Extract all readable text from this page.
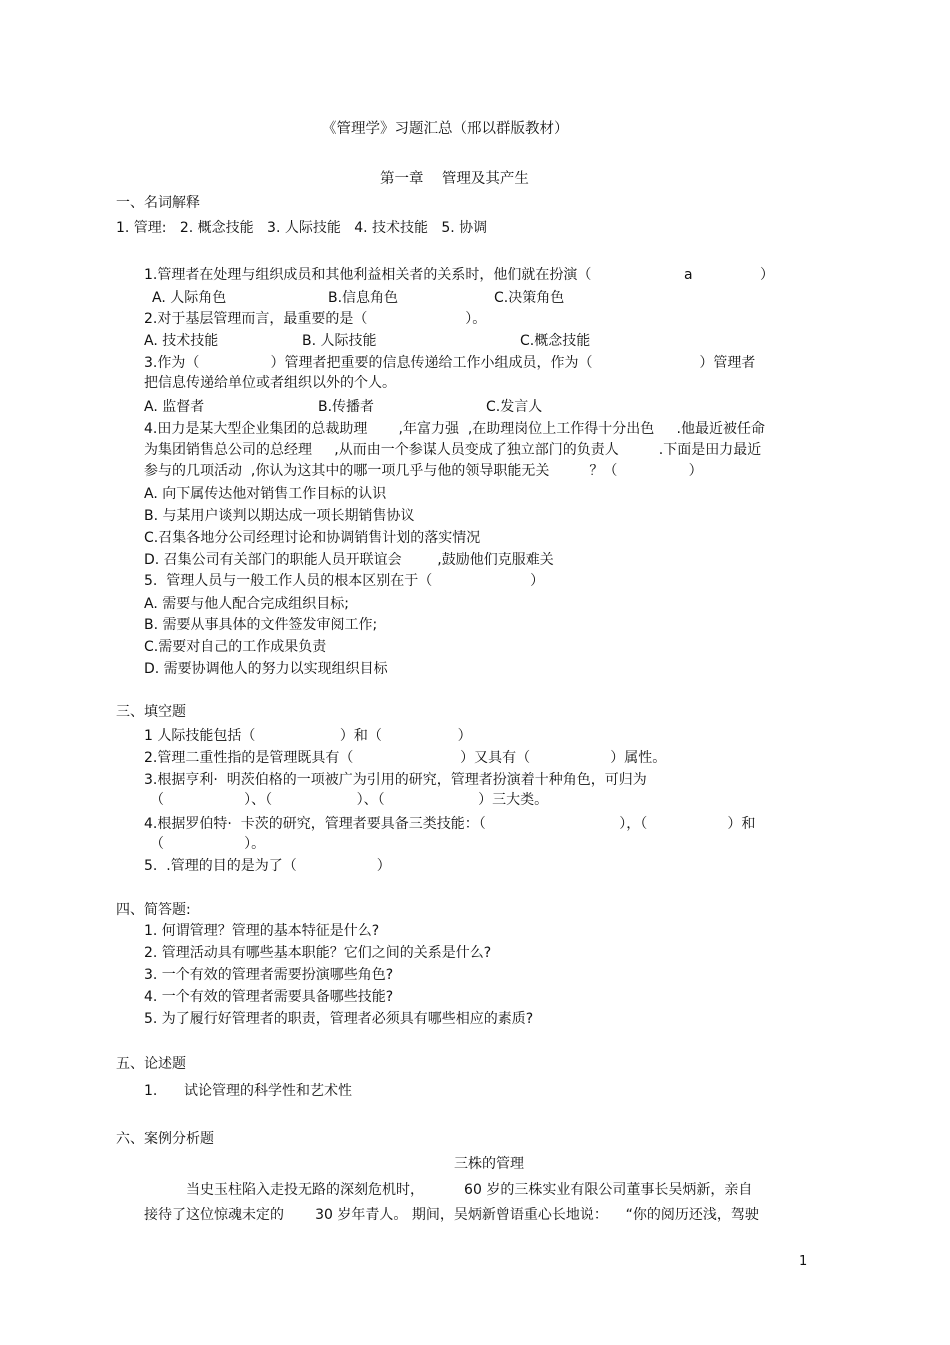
《管理学》习题汇总（邢以群版教材）
第一章    管理及其产生
一、名词解释
1. 管理:   2. 概念技能   3. 人际技能   4. 技术技能   5. 协调
1.管理者在处理与组织成员和其他利益相关者的关系时，他们就在扮演（	a	）
A. 人际角色	B.信息角色	C.决策角色
2.对于基层管理而言，最重要的是（                      ）。
A. 技术技能	B. 人际技能	C.概念技能
3.作为（                ）管理者把重要的信息传递给工作小组成员，作为（                        ）管理者
把信息传递给单位或者组织以外的个人。
A. 监督者	B.传播者	C.发言人
4.田力是某大型企业集团的总裁助理       ,年富力强  ,在助理岗位上工作得十分出色     .他最近被任命
为集团销售总公司的总经理     ,从而由一个参谋人员变成了独立部门的负责人         .下面是田力最近
参与的几项活动  ,你认为这其中的哪一项几乎与他的领导职能无关         ？（                ）
A. 向下属传达他对销售工作目标的认识
B. 与某用户谈判以期达成一项长期销售协议
C.召集各地分公司经理讨论和协调销售计划的落实情况
D. 召集公司有关部门的职能人员开联谊会        ,鼓励他们克服难关
5.  管理人员与一般工作人员的根本区别在于（                      ）
A. 需要与他人配合完成组织目标;
B. 需要从事具体的文件签发审阅工作;
C.需要对自己的工作成果负责
D. 需要协调他人的努力以实现组织目标
三、填空题
1 人际技能包括（                   ）和（                 ）
2.管理二重性指的是管理既具有（                        ）又具有（                  ）属性。
3.根据亨利·  明茨伯格的一项被广为引用的研究，管理者扮演着十种角色，可归为
（                  ）、（                   ）、（                     ）三大类。
4.根据罗伯特·  卡茨的研究，管理者要具备三类技能：（                              ），（                  ）和
（                  ）。
5.  .管理的目的是为了（                  ）
四、简答题:
1. 何谓管理？管理的基本特征是什么?
2. 管理活动具有哪些基本职能？它们之间的关系是什么?
3. 一个有效的管理者需要扮演哪些角色?
4. 一个有效的管理者需要具备哪些技能?
5. 为了履行好管理者的职责，管理者必须具有哪些相应的素质?
五、论述题
1.      试论管理的科学性和艺术性
六、案例分析题
三株的管理
当史玉柱陷入走投无路的深刻危机时，         60 岁的三株实业有限公司董事长吴炳新，亲自
接待了这位惊魂未定的       30 岁年青人。 期间，吴炳新曾语重心长地说：    “你的阅历还浅，驾驶
1
